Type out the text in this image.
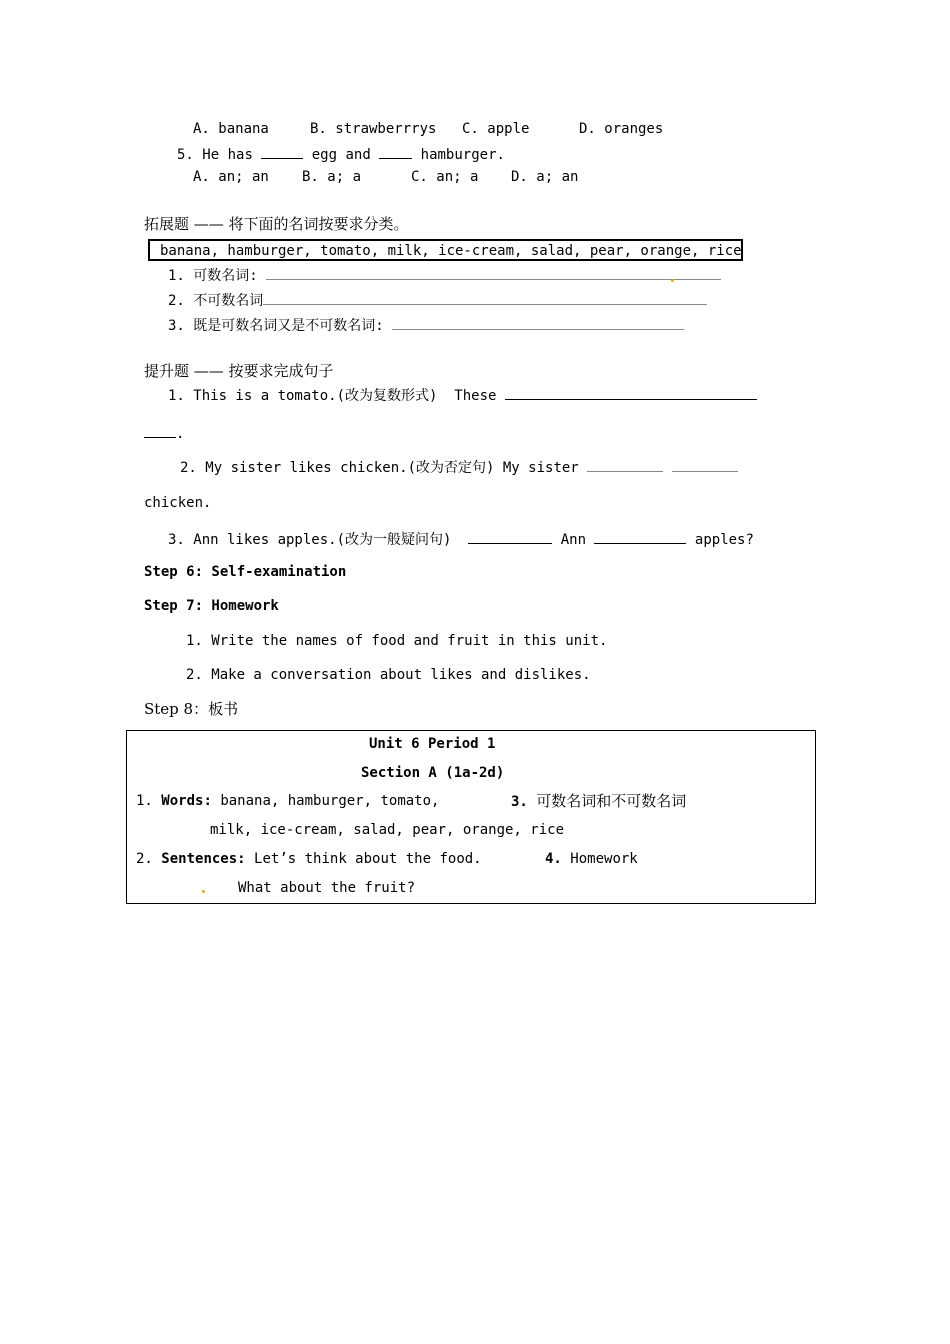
A. banana	B. strawberrrys C. apple	D. oranges
5. He has	egg and	hamburger.
A. an; an B. a; a	C. an; a D. a; an
拓展题 —— 将下面的名词按要求分类。
banana, hamburger, tomato, milk, ice-cream, salad, pear, orange, rice
1. 可数名词:
2. 不可数名词
3. 既是可数名词又是不可数名词:
提升题 —— 按要求完成句子
1. This is a tomato.(改为复数形式) These
.
2. My sister likes chicken.(改为否定句) My sister
chicken.
3. Ann likes apples.(改为一般疑问句)	Ann	apples?
Step 6: Self-examination
Step 7: Homework
1. Write the names of food and fruit in this unit.
2. Make a conversation about likes and dislikes.
Step 8：板书
Unit 6 Period 1
Section A (1a-2d)
1. Words: banana, hamburger, tomato,
milk, ice-cream, salad, pear, orange, rice
3. 可数名词和不可数名词
2. Sentences: Let’s think about the food.
What about the fruit?
4. Homework
